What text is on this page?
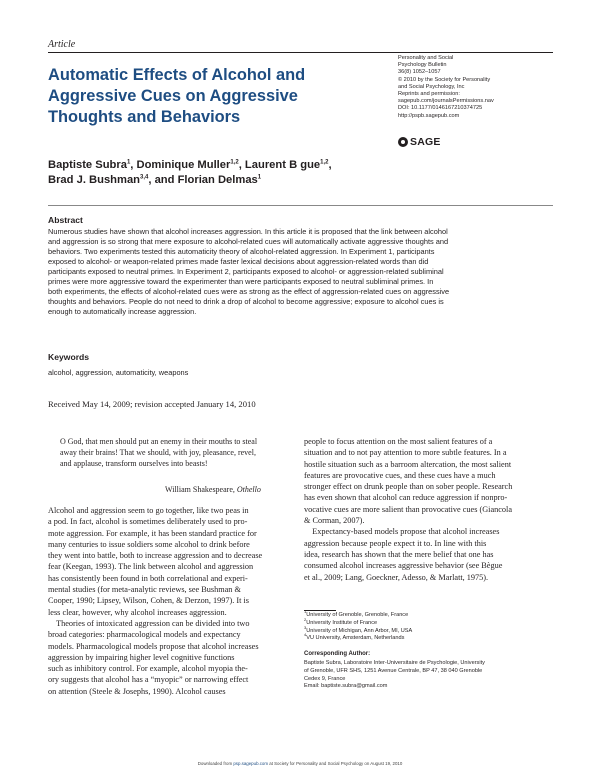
Article
Automatic Effects of Alcohol and
Aggressive Cues on Aggressive
Thoughts and Behaviors
Personality and Social
Psychology Bulletin
36(8) 1052–1057
© 2010 by the Society for Personality
and Social Psychology, Inc
Reprints and permission:
sagepub.com/journalsPermissions.nav
DOI: 10.1177/0146167210374725
http://pspb.sagepub.com
SAGE
Baptiste Subra$^1$, Dominique Muller$^{1,2}$, Laurent B gue$^{1,2}$,
Brad J. Bushman$^{3,4}$, and Florian Delmas$^1$
Abstract
Numerous studies have shown that alcohol increases aggression. In this article it is proposed that the link between alcohol
and aggression is so strong that mere exposure to alcohol-related cues will automatically activate aggressive thoughts and
behaviors. Two experiments tested this automaticity theory of alcohol-related aggression. In Experiment 1, participants
exposed to alcohol- or weapon-related primes made faster lexical decisions about aggression-related words than did
participants exposed to neutral primes. In Experiment 2, participants exposed to alcohol- or aggression-related subliminal
primes were more aggressive toward the experimenter than were participants exposed to neutral subliminal primes. In
both experiments, the effects of alcohol-related cues were as strong as the effect of aggression-related cues on aggressive
thoughts and behaviors. People do not need to drink a drop of alcohol to become aggressive; exposure to alcohol cues is
enough to automatically increase aggression.
Keywords
alcohol, aggression, automaticity, weapons
Received May 14, 2009; revision accepted January 14, 2010
O God, that men should put an enemy in their mouths to steal
away their brains! That we should, with joy, pleasance, revel,
and applause, transform ourselves into beasts!
William Shakespeare, Othello
Alcohol and aggression seem to go together, like two peas in
a pod. In fact, alcohol is sometimes deliberately used to pro-
mote aggression. For example, it has been standard practice for
many centuries to issue soldiers some alcohol to drink before
they went into battle, both to increase aggression and to decrease
fear (Keegan, 1993). The link between alcohol and aggression
has consistently been found in both correlational and experi-
mental studies (for meta-analytic reviews, see Bushman &
Cooper, 1990; Lipsey, Wilson, Cohen, & Derzon, 1997). It is
less clear, however, why alcohol increases aggression.
Theories of intoxicated aggression can be divided into two
broad categories: pharmacological models and expectancy
models. Pharmacological models propose that alcohol increases
aggression by impairing higher level cognitive functions
such as inhibitory control. For example, alcohol myopia the-
ory suggests that alcohol has a “myopic” or narrowing effect
on attention (Steele & Josephs, 1990). Alcohol causes
people to focus attention on the most salient features of a
situation and to not pay attention to more subtle features. In a
hostile situation such as a barroom altercation, the most salient
features are provocative cues, and these cues have a much
stronger effect on drunk people than on sober people. Research
has even shown that alcohol can reduce aggression if nonpro-
vocative cues are more salient than provocative cues (Giancola
& Corman, 2007).
Expectancy-based models propose that alcohol increases
aggression because people expect it to. In line with this
idea, research has shown that the mere belief that one has
consumed alcohol increases aggressive behavior (see Bègue
et al., 2009; Lang, Goeckner, Adesso, & Marlatt, 1975).
$^1$University of Grenoble, Grenoble, France
$^2$University Institute of France
$^3$University of Michigan, Ann Arbor, MI, USA
$^4$VU University, Amsterdam, Netherlands
Corresponding Author:
Baptiste Subra, Laboratoire Inter-Universitaire de Psychologie, University
of Grenoble, UFR SHS, 1251 Avenue Centrale, BP 47, 38 040 Grenoble
Cedex 9, France
Email: baptiste.subra@gmail.com
Downloaded from psp.sagepub.com at Society for Personality and Social Psychology on August 19, 2010
